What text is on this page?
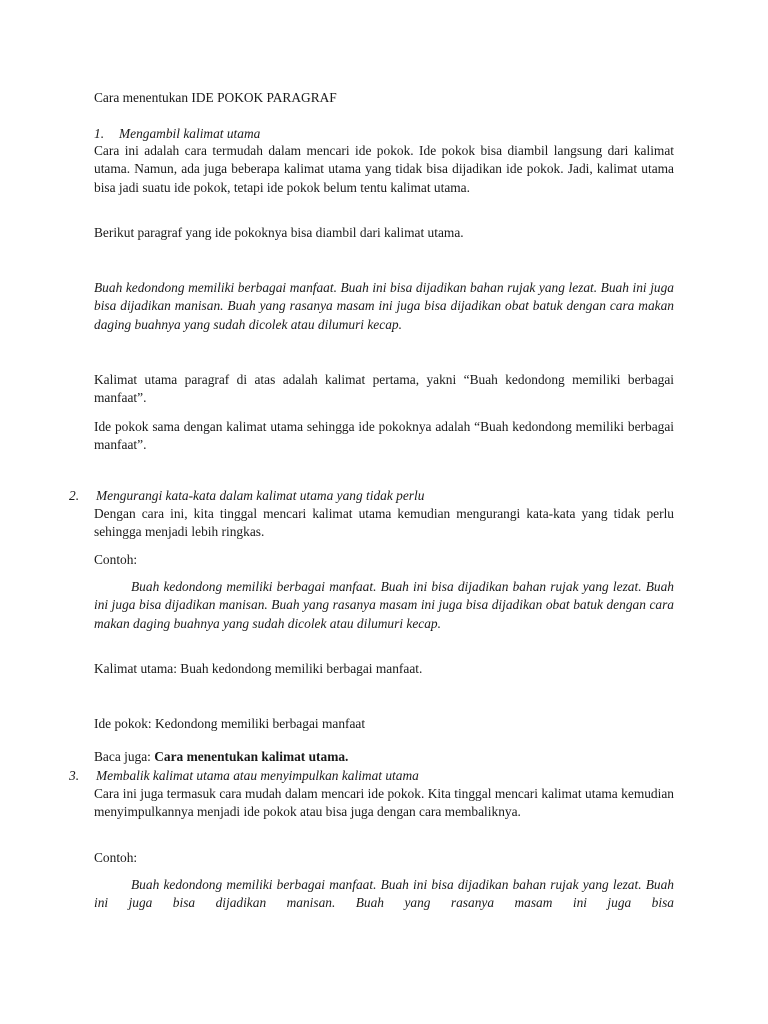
Cara menentukan IDE POKOK PARAGRAF

1. Mengambil kalimat utama

Cara ini adalah cara termudah dalam mencari ide pokok. Ide pokok bisa diambil langsung dari kalimat utama. Namun, ada juga beberapa kalimat utama yang tidak bisa dijadikan ide pokok. Jadi, kalimat utama bisa jadi suatu ide pokok, tetapi ide pokok belum tentu kalimat utama.

Berikut paragraf yang ide pokoknya bisa diambil dari kalimat utama.

Buah kedondong memiliki berbagai manfaat. Buah ini bisa dijadikan bahan rujak yang lezat. Buah ini juga bisa dijadikan manisan. Buah yang rasanya masam ini juga bisa dijadikan obat batuk dengan cara makan daging buahnya yang sudah dicolek atau dilumuri kecap.

Kalimat utama paragraf di atas adalah kalimat pertama, yakni “Buah kedondong memiliki berbagai manfaat”.

Ide pokok sama dengan kalimat utama sehingga ide pokoknya adalah “Buah kedondong memiliki berbagai manfaat”.

2. Mengurangi kata-kata dalam kalimat utama yang tidak perlu

Dengan cara ini, kita tinggal mencari kalimat utama kemudian mengurangi kata-kata yang tidak perlu sehingga menjadi lebih ringkas.

Contoh:

Buah kedondong memiliki berbagai manfaat. Buah ini bisa dijadikan bahan rujak yang lezat. Buah ini juga bisa dijadikan manisan. Buah yang rasanya masam ini juga bisa dijadikan obat batuk dengan cara makan daging buahnya yang sudah dicolek atau dilumuri kecap.

Kalimat utama: Buah kedondong memiliki berbagai manfaat.

Ide pokok: Kedondong memiliki berbagai manfaat

Baca juga: Cara menentukan kalimat utama.

3. Membalik kalimat utama atau menyimpulkan kalimat utama

Cara ini juga termasuk cara mudah dalam mencari ide pokok. Kita tinggal mencari kalimat utama kemudian menyimpulkannya menjadi ide pokok atau bisa juga dengan cara membaliknya.

Contoh:

Buah kedondong memiliki berbagai manfaat. Buah ini bisa dijadikan bahan rujak yang lezat. Buah ini juga bisa dijadikan manisan. Buah yang rasanya masam ini juga bisa
